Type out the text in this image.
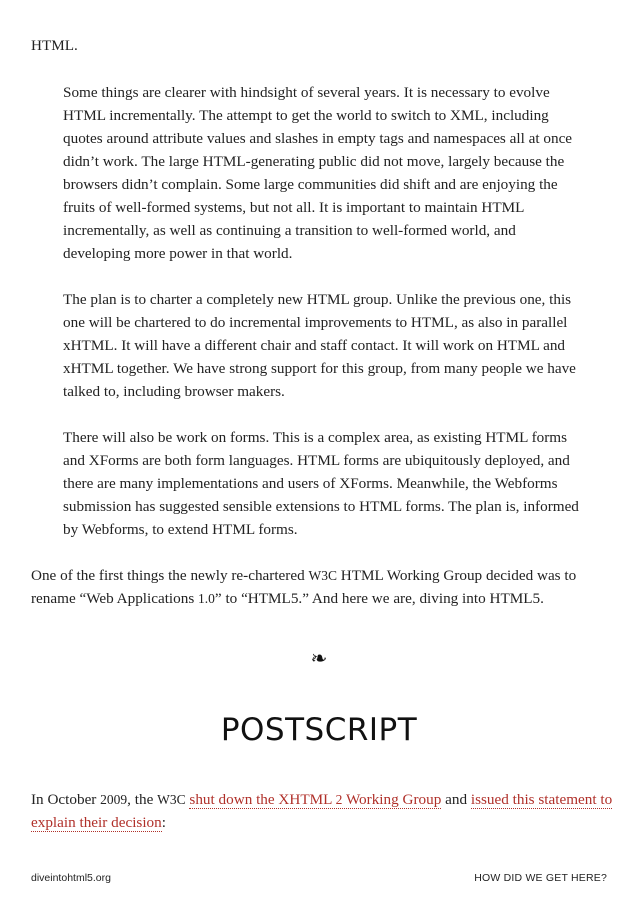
HTML.

Some things are clearer with hindsight of several years. It is necessary to evolve HTML incrementally. The attempt to get the world to switch to XML, including quotes around attribute values and slashes in empty tags and namespaces all at once didn’t work. The large HTML-generating public did not move, largely because the browsers didn’t complain. Some large communities did shift and are enjoying the fruits of well-formed systems, but not all. It is important to maintain HTML incrementally, as well as continuing a transition to well-formed world, and developing more power in that world.

The plan is to charter a completely new HTML group. Unlike the previous one, this one will be chartered to do incremental improvements to HTML, as also in parallel xHTML. It will have a different chair and staff contact. It will work on HTML and xHTML together. We have strong support for this group, from many people we have talked to, including browser makers.

There will also be work on forms. This is a complex area, as existing HTML forms and XForms are both form languages. HTML forms are ubiquitously deployed, and there are many implementations and users of XForms. Meanwhile, the Webforms submission has suggested sensible extensions to HTML forms. The plan is, informed by Webforms, to extend HTML forms.

One of the first things the newly re-chartered W3C HTML Working Group decided was to rename “Web Applications 1.0” to “HTML5.” And here we are, diving into HTML5.

❧
POSTSCRIPT

In October 2009, the W3C shut down the XHTML 2 Working Group and issued this statement to explain their decision:

diveintohtml5.org	HOW DID WE GET HERE?
